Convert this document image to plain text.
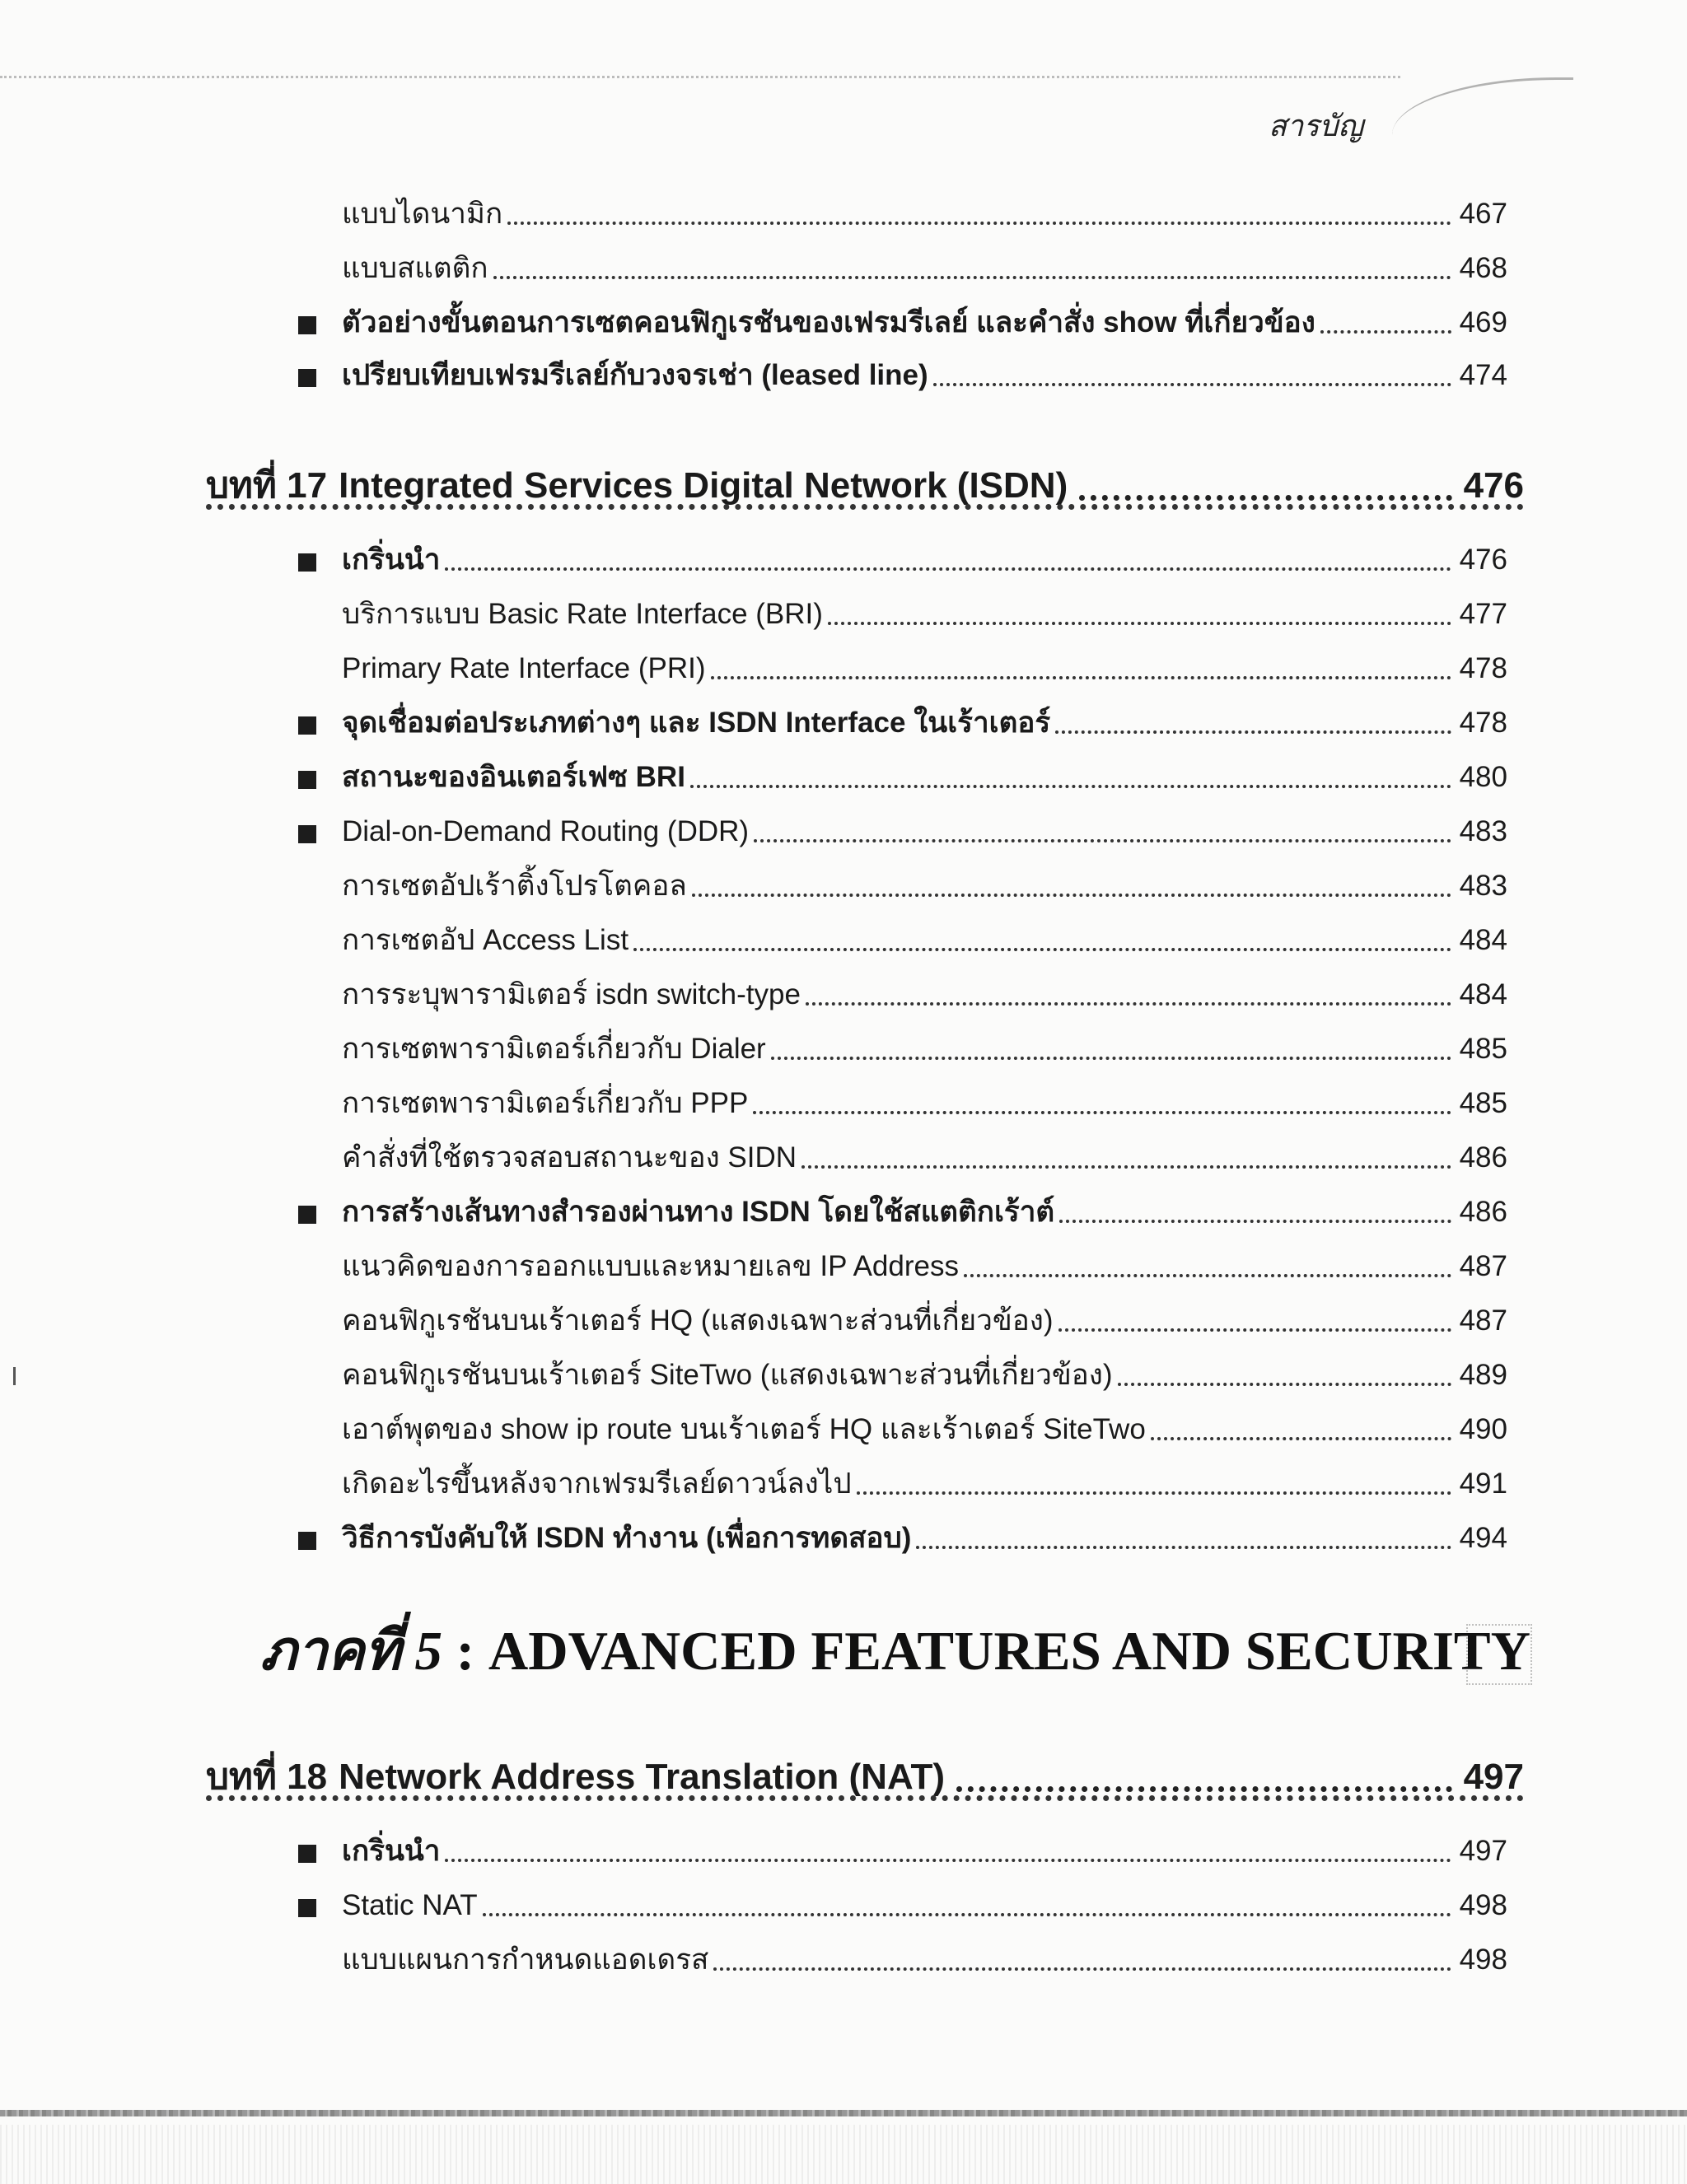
สารบัญ
แบบไดนามิก	467
แบบสแตติก	468
ตัวอย่างขั้นตอนการเซตคอนฟิกูเรชันของเฟรมรีเลย์ และคำสั่ง show ที่เกี่ยวข้อง	469
เปรียบเทียบเฟรมรีเลย์กับวงจรเช่า (leased line)	474
บทที่ 17 Integrated Services Digital Network (ISDN)	476
เกริ่นนำ	476
บริการแบบ Basic Rate Interface (BRI)	477
Primary Rate Interface (PRI)	478
จุดเชื่อมต่อประเภทต่างๆ และ ISDN Interface ในเร้าเตอร์	478
สถานะของอินเตอร์เฟซ BRI	480
Dial-on-Demand Routing (DDR)	483
การเซตอัปเร้าติ้งโปรโตคอล	483
การเซตอัป Access List	484
การระบุพารามิเตอร์ isdn switch-type	484
การเซตพารามิเตอร์เกี่ยวกับ Dialer	485
การเซตพารามิเตอร์เกี่ยวกับ PPP	485
คำสั่งที่ใช้ตรวจสอบสถานะของ SIDN	486
การสร้างเส้นทางสำรองผ่านทาง ISDN โดยใช้สแตติกเร้าต์	486
แนวคิดของการออกแบบและหมายเลข IP Address	487
คอนฟิกูเรชันบนเร้าเตอร์ HQ (แสดงเฉพาะส่วนที่เกี่ยวข้อง)	487
คอนฟิกูเรชันบนเร้าเตอร์ SiteTwo (แสดงเฉพาะส่วนที่เกี่ยวข้อง)	489
เอาต์พุตของ show ip route บนเร้าเตอร์ HQ และเร้าเตอร์ SiteTwo	490
เกิดอะไรขึ้นหลังจากเฟรมรีเลย์ดาวน์ลงไป	491
วิธีการบังคับให้ ISDN ทำงาน (เพื่อการทดสอบ)	494
ภาคที่ 5 : ADVANCED FEATURES AND SECURITY
บทที่ 18 Network Address Translation (NAT)	497
เกริ่นนำ	497
Static NAT	498
แบบแผนการกำหนดแอดเดรส	498
